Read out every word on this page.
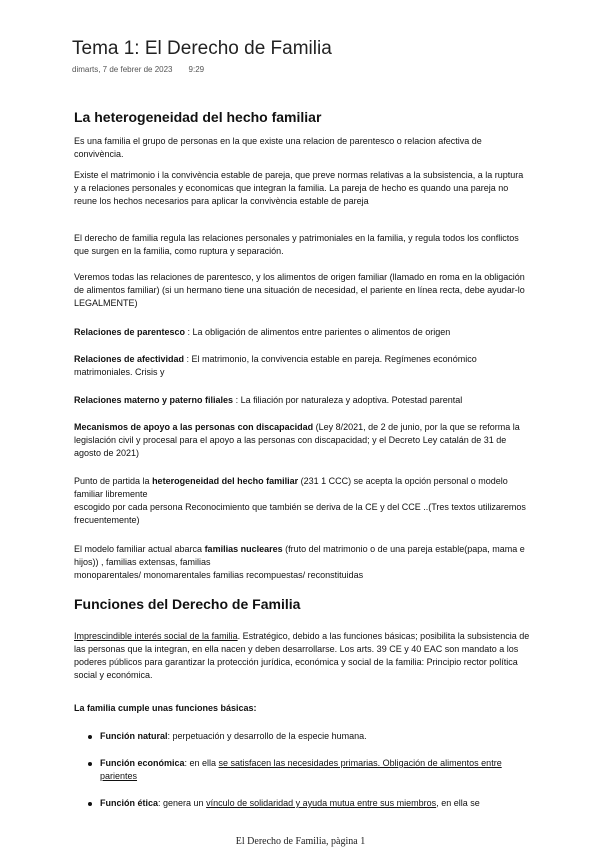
Tema 1: El Derecho de Familia
dimarts, 7 de febrer de 2023 9:29
La heterogeneidad del hecho familiar

Es una familia el grupo de personas en la que existe una relacion de parentesco o relacion afectiva de convivència.

Existe el matrimonio i la convivència estable de pareja, que preve normas relativas a la subsistencia, a la ruptura y a relaciones personales y economicas que integran la familia. La pareja de hecho es quando una pareja no reune los hechos necesarios para aplicar la convivència estable de pareja

El derecho de familia regula las relaciones personales y patrimoniales en la familia, y regula todos los conflictos que surgen en la familia, como ruptura y separación.

Veremos todas las relaciones de parentesco, y los alimentos de origen familiar (llamado en roma en la obligación de alimentos familiar) (si un hermano tiene una situación de necesidad, el pariente en línea recta, debe ayudar-lo LEGALMENTE)

Relaciones de parentesco : La obligación de alimentos entre parientes o alimentos de origen

Relaciones de afectividad : El matrimonio, la convivencia estable en pareja. Regímenes económico matrimoniales. Crisis y

Relaciones materno y paterno filiales : La filiación por naturaleza y adoptiva. Potestad parental

Mecanismos de apoyo a las personas con discapacidad (Ley 8/2021, de 2 de junio, por la que se reforma la legislación civil y procesal para el apoyo a las personas con discapacidad; y el Decreto Ley catalán de 31 de agosto de 2021)

Punto de partida la heterogeneidad del hecho familiar (231 1 CCC) se acepta la opción personal o modelo familiar libremente
escogido por cada persona Reconocimiento que también se deriva de la CE y del CCE ..(Tres textos utilizaremos frecuentemente)

El modelo familiar actual abarca familias nucleares (fruto del matrimonio o de una pareja estable(papa, mama e hijos)) , familias extensas, familias
monoparentales/ monomarentales familias recompuestas/ reconstituidas

Funciones del Derecho de Familia

Imprescindible interés social de la familia. Estratégico, debido a las funciones básicas; posibilita la subsistencia de las personas que la integran, en ella nacen y deben desarrollarse. Los arts. 39 CE y 40 EAC son mandato a los poderes públicos para garantizar la protección jurídica, económica y social de la familia: Principio rector política social y económica.

La familia cumple unas funciones básicas:

Función natural: perpetuación y desarrollo de la especie humana.

Función económica: en ella se satisfacen las necesidades primarias. Obligación de alimentos entre parientes

Función ética: genera un vínculo de solidaridad y ayuda mutua entre sus miembros, en ella se

El Derecho de Familia, pàgina 1
